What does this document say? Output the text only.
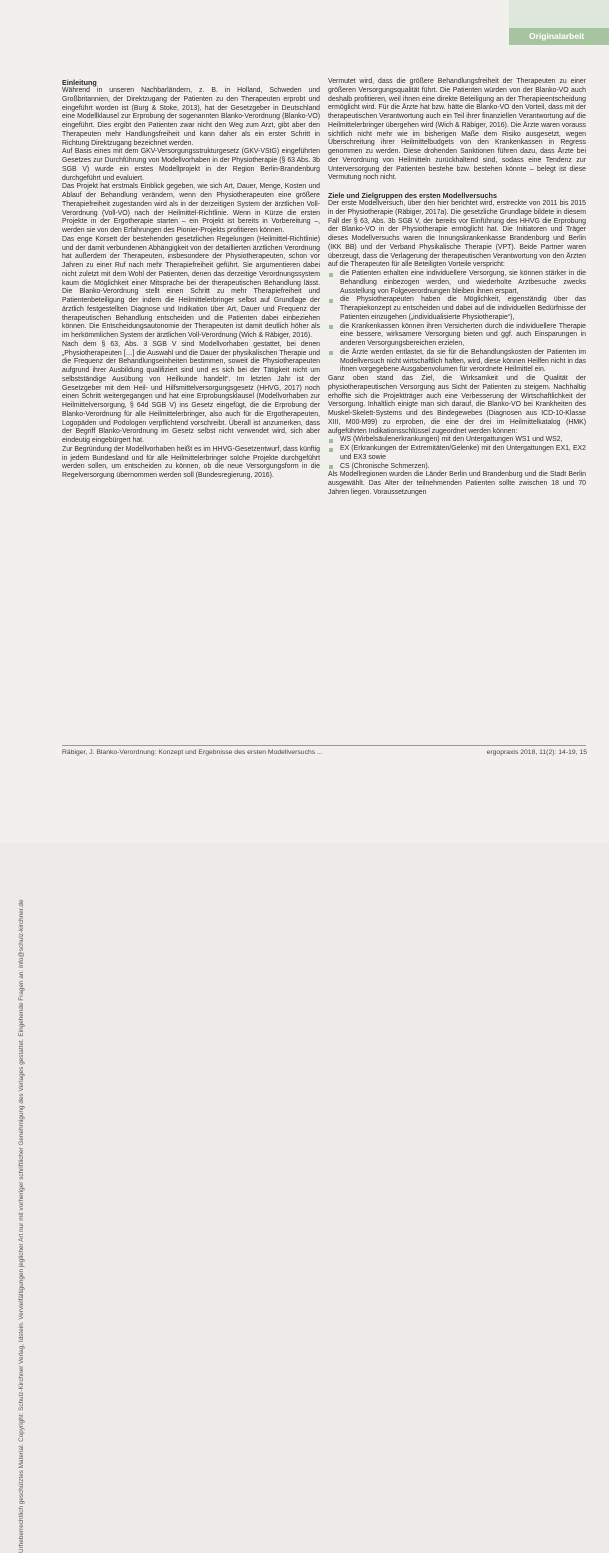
Urheberrechtlich geschütztes Material. Copyright: Schulz-Kirchner Verlag, Idstein. Vervielfältigungen jeglicher Art nur mit vorheriger schriftlicher Genehmigung des Verlages gestattet. Eingehende Fragen an: info@schulz-kirchner.de
Originalarbeit
Einleitung

Während in unseren Nachbarländern, z. B. in Holland, Schweden und Großbritannien, der Direktzugang der Patienten zu den Therapeuten erprobt und eingeführt worden ist (Burg & Stoke, 2013), hat der Gesetzgeber in Deutschland eine Modellklausel zur Erprobung der sogenannten Blanko-Verordnung (Blanko-VO) eingeführt. Dies ergibt den Patienten zwar nicht den Weg zum Arzt, gibt aber den Therapeuten mehr Handlungsfreiheit und kann daher als ein erster Schritt in Richtung Direktzugang bezeichnet werden.

Auf Basis eines mit dem GKV-Versorgungsstrukturgesetz (GKV-VStG) eingeführten Gesetzes zur Durchführung von Modellvorhaben in der Physiotherapie (§ 63 Abs. 3b SGB V) wurde ein erstes Modellprojekt in der Region Berlin-Brandenburg durchgeführt und evaluiert.

Das Projekt hat erstmals Einblick gegeben, wie sich Art, Dauer, Menge, Kosten und Ablauf der Behandlung verändern, wenn den Physiotherapeuten eine größere Therapiefreiheit zugestanden wird als in der derzeitigen System der ärztlichen Voll-Verordnung (Voll-VO) nach der Heilmittel-Richtlinie. Wenn in Kürze die ersten Projekte in der Ergotherapie starten – ein Projekt ist bereits in Vorbereitung –, werden sie von den Erfahrungen des Pionier-Projekts profitieren können.

Das enge Korsett der bestehenden gesetzlichen Regelungen (Heilmittel-Richtlinie) und der damit verbundenen Abhängigkeit von der detaillierten ärztlichen Verordnung hat außerdem der Therapeuten, insbesondere der Physiotherapeuten, schon vor Jahren zu einer Ruf nach mehr Therapiefreiheit geführt. Sie argumentieren dabei nicht zuletzt mit dem Wohl der Patienten, denen das derzeitige Verordnungssystem kaum die Möglichkeit einer Mitsprache bei der therapeutischen Behandlung lässt. Die Blanko-Verordnung stellt einen Schritt zu mehr Therapiefreiheit und Patientenbeteiligung der indem die Heilmittelerbringer selbst auf Grundlage der ärztlich festgestellten Diagnose und Indikation über Art, Dauer und Frequenz der therapeutischen Behandlung entscheiden und die Patienten dabei einbeziehen können. Die Entscheidungsautonomie der Therapeuten ist damit deutlich höher als im herkömmlichen System der ärztlichen Voll-Verordnung (Wich & Räbiger, 2016).

Nach dem § 63, Abs. 3 SGB V sind Modellvorhaben gestattet, bei denen „Physiotherapeuten […] die Auswahl und die Dauer der physikalischen Therapie und die Frequenz der Behandlungseinheiten bestimmen, soweit die Physiotherapeuten aufgrund ihrer Ausbildung qualifiziert sind und es sich bei der Tätigkeit nicht um selbstständige Ausübung von Heilkunde handelt“. Im letzten Jahr ist der Gesetzgeber mit dem Heil- und Hilfsmittelversorgungsgesetz (HHVG, 2017) noch einen Schritt weitergegangen und hat eine Erprobungsklausel (Modellvorhaben zur Heilmittelversorgung, § 64d SGB V) ins Gesetz eingefügt, die die Erprobung der Blanko-Verordnung für alle Heilmittelerbringer, also auch für die Ergotherapeuten, Logopäden und Podologen verpflichtend vorschreibt. Überall ist anzumerken, dass der Begriff Blanko-Verordnung im Gesetz selbst nicht verwendet wird, sich aber eindeutig eingebürgert hat.

Zur Begründung der Modellvorhaben heißt es im HHVG-Gesetzentwurf, dass künftig in jedem Bundesland und für alle Heilmittelerbringer solche Projekte durchgeführt werden sollen, um entscheiden zu können, ob die neue Versorgungsform in die Regelversorgung übernommen werden soll (Bundesregierung, 2016).

Vermutet wird, dass die größere Behandlungsfreiheit der Therapeuten zu einer größeren Versorgungsqualität führt. Die Patienten würden von der Blanko-VO auch deshalb profitieren, weil ihnen eine direkte Beteiligung an der Therapieentscheidung ermöglicht wird. Für die Ärzte hat bzw. hätte die Blanko-VO den Vorteil, dass mit der therapeutischen Verantwortung auch ein Teil ihrer finanziellen Verantwortung auf die Heilmittelerbringer übergehen wird (Wich & Räbiger, 2016). Die Ärzte waren vorauss sichtlich nicht mehr wie im bisherigen Maße dem Risiko ausgesetzt, wegen Überschreitung ihrer Heilmittelbudgets von den Krankenkassen in Regress genommen zu werden. Diese drohenden Sanktionen führen dazu, dass Ärzte bei der Verordnung von Heilmitteln zurückhaltend sind, sodass eine Tendenz zur Unterversorgung der Patienten bestehe bzw. bestehen könnte – belegt ist diese Vermutung noch nicht.

Ziele und Zielgruppen des ersten Modellversuchs

Der erste Modellversuch, über den hier berichtet wird, erstreckte von 2011 bis 2015 in der Physiotherapie (Räbiger, 2017a). Die gesetzliche Grundlage bildete in diesem Fall der § 63, Abs. 3b SGB V, der bereits vor Einführung des HHVG die Erprobung der Blanko-VO in der Physiotherapie ermöglicht hat. Die Initiatoren und Träger dieses Modellversuchs waren die Innungskrankenkasse Brandenburg und Berlin (IKK BB) und der Verband Physikalische Therapie (VPT). Beide Partner waren überzeugt, dass die Verlagerung der therapeutischen Verantwortung von den Ärzten auf die Therapeuten für alle Beteiligten Vorteile verspricht:

die Patienten erhalten eine individuellere Versorgung, sie können stärker in die Behandlung einbezogen werden, und wiederholte Arztbesuche zwecks Ausstellung von Folgeverordnungen bleiben ihnen erspart,
die Physiotherapeuten haben die Möglichkeit, eigenständig über das Therapiekonzept zu entscheiden und dabei auf die individuellen Bedürfnisse der Patienten einzugehen („individualisierte Physiotherapie“),
die Krankenkassen können ihren Versicherten durch die individuellere Therapie eine bessere, wirksamere Versorgung bieten und ggf. auch Einsparungen in anderen Versorgungsbereichen erzielen,
die Ärzte werden entlastet, da sie für die Behandlungskosten der Patienten im Modellversuch nicht wirtschaftlich haften, wird, diese können Heilfen nicht in das ihnen vorgegebene Ausgabenvolumen für verordnete Heilmittel ein.

Ganz oben stand das Ziel, die Wirksamkeit und die Qualität der physiotherapeutischen Versorgung aus Sicht der Patienten zu steigern. Nachhaltig erhoffte sich die Projektträger auch eine Verbesserung der Wirtschaftlichkeit der Versorgung. Inhaltlich einigte man sich darauf, die Blanko-VO bei Krankheiten des Muskel-Skelett-Systems und des Bindegewebes (Diagnosen aus ICD-10-Klasse XIII, M00-M99) zu erproben, die eine der drei im Heilmittelkatalog (HMK) aufgeführten Indikationsschlüssel zugeordnet werden können:

WS (Wirbelsäulenerkrankungen) mit den Untergattungen WS1 und WS2,
EX (Erkrankungen der Extremitäten/Gelenke) mit den Untergattungen EX1, EX2 und EX3 sowie
CS (Chronische Schmerzen).

Als Modellregionen wurden die Länder Berlin und Brandenburg und die Stadt Berlin ausgewählt. Das Alter der teilnehmenden Patienten sollte zwischen 18 und 70 Jahren liegen. Voraussetzungen

Räbiger, J. Blanko-Verordnung: Konzept und Ergebnisse des ersten Modellversuchs ...	ergopraxis 2018, 11(2): 14-19, 15
